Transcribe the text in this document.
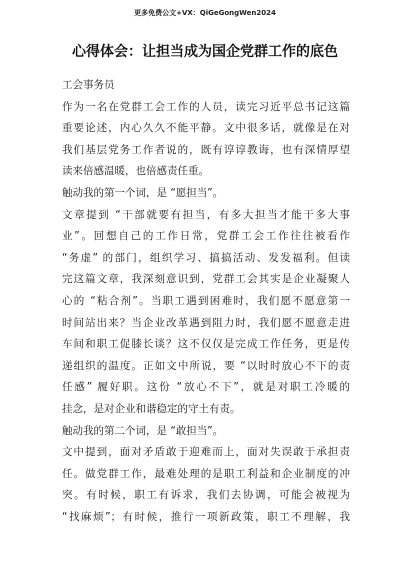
更多免费公文+VX：QiGeGongWen2024
心得体会：让担当成为国企党群工作的底色
工会事务员
作为一名在党群工会工作的人员，读完习近平总书记这篇
重要论述，内心久久不能平静。文中很多话，就像是在对
我们基层党务工作者说的，既有谆谆教诲，也有深情厚望
读来倍感温暖，也倍感责任重。
触动我的第一个词，是 “愿担当”。
文章提到 “干部就要有担当，有多大担当才能干多大事
业”。回想自己的工作日常，党群工会工作往往被看作
“务虚” 的部门，组织学习、搞搞活动、发发福利。但读
完这篇文章，我深刻意识到，党群工会其实是企业凝聚人
心的 “粘合剂”。当职工遇到困难时，我们愿不愿意第一
时间站出来？当企业改革遇到阻力时，我们愿不愿意走进
车间和职工促膝长谈？这不仅仅是完成工作任务，更是传
递组织的温度。正如文中所说，要 “以时时放心不下的责
任感” 履好职。这份 “放心不下”，就是对职工冷暖的
挂念，是对企业和谐稳定的守土有责。
触动我的第二个词，是 “敢担当”。
文中提到，面对矛盾敢于迎难而上，面对失误敢于承担责
任。做党群工作，最难处理的是职工利益和企业制度的冲
突。有时候，职工有诉求，我们去协调，可能会被视为
“找麻烦”；有时候，推行一项新政策，职工不理解，我
